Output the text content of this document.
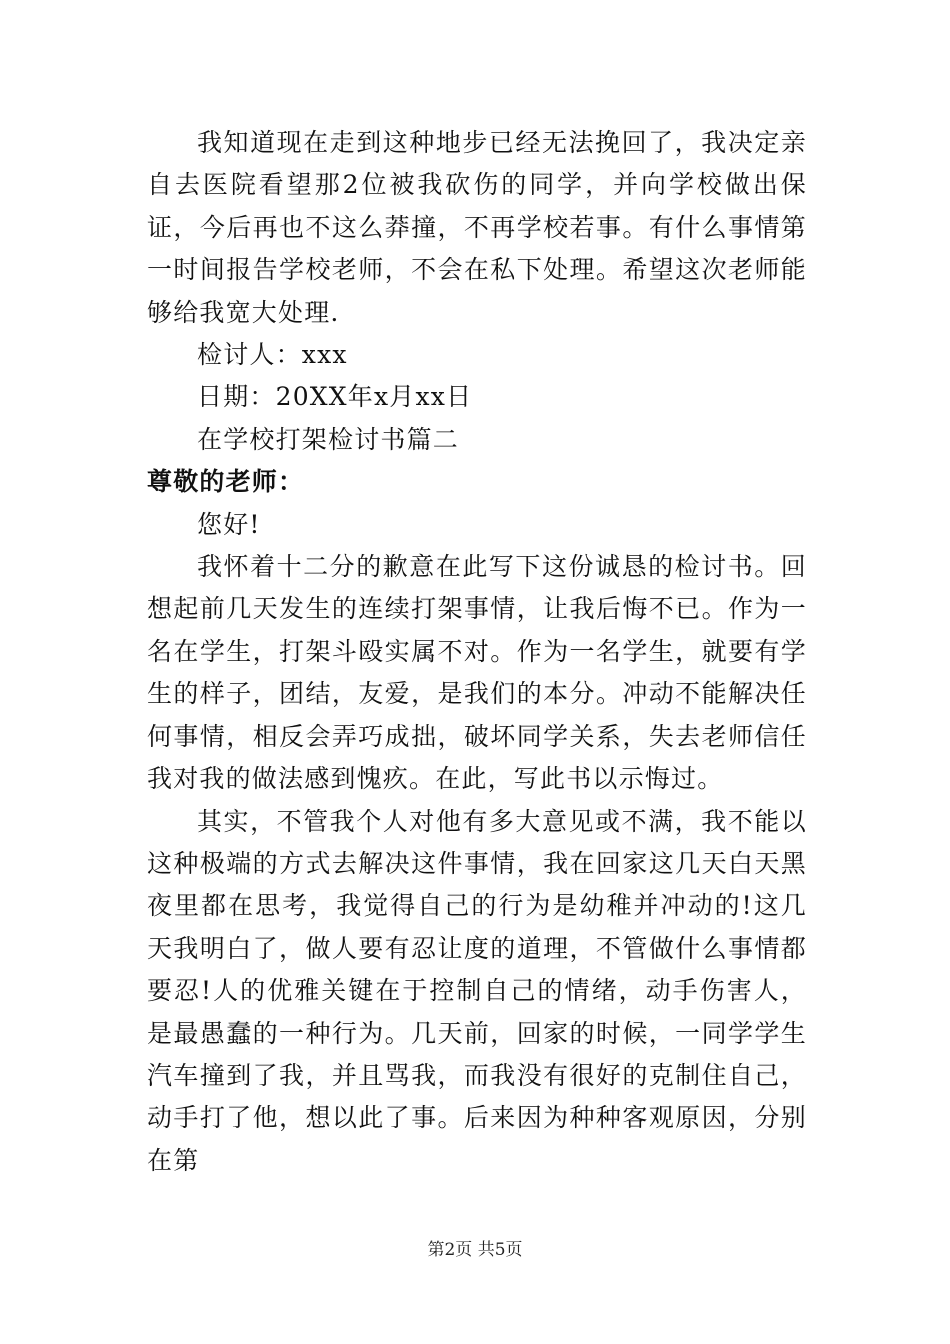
我知道现在走到这种地步已经无法挽回了，我决定亲自去医院看望那2位被我砍伤的同学，并向学校做出保证，今后再也不这么莽撞，不再学校若事。有什么事情第一时间报告学校老师，不会在私下处理。希望这次老师能够给我宽大处理.

检讨人：xxx

日期：20XX年x月xx日

在学校打架检讨书篇二

尊敬的老师：

您好!

我怀着十二分的歉意在此写下这份诚恳的检讨书。回想起前几天发生的连续打架事情，让我后悔不已。作为一名在学生，打架斗殴实属不对。作为一名学生，就要有学生的样子，团结，友爱，是我们的本分。冲动不能解决任何事情，相反会弄巧成拙，破坏同学关系，失去老师信任我对我的做法感到愧疚。在此，写此书以示悔过。

其实，不管我个人对他有多大意见或不满，我不能以这种极端的方式去解决这件事情，我在回家这几天白天黑夜里都在思考，我觉得自己的行为是幼稚并冲动的!这几天我明白了，做人要有忍让度的道理，不管做什么事情都要忍!人的优雅关键在于控制自己的情绪，动手伤害人，是最愚蠢的一种行为。几天前，回家的时候，一同学学生汽车撞到了我，并且骂我，而我没有很好的克制住自己，动手打了他，想以此了事。后来因为种种客观原因，分别在第

第2页 共5页
